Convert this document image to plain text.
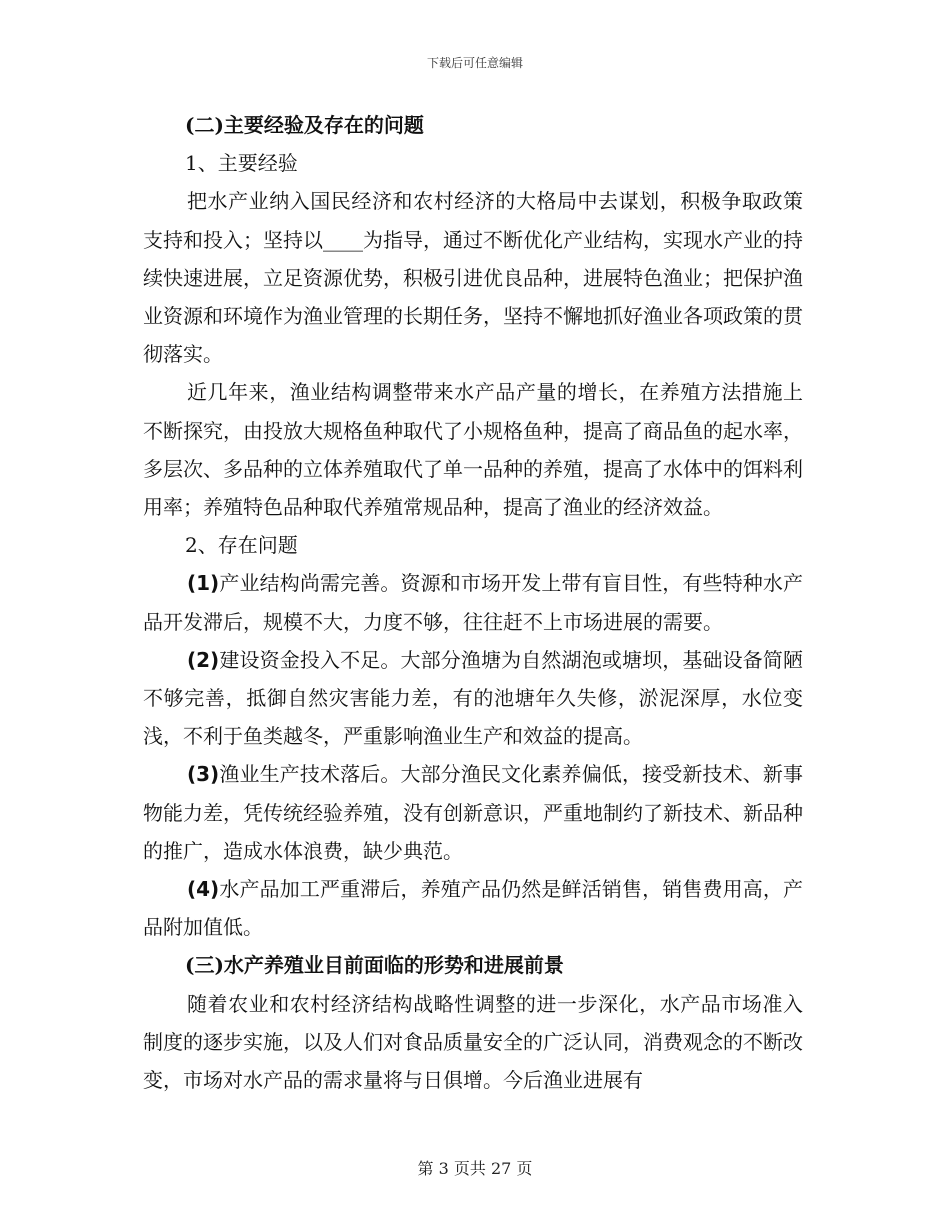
下载后可任意编辑

(二)主要经验及存在的问题

1、主要经验

把水产业纳入国民经济和农村经济的大格局中去谋划，积极争取政策支持和投入；坚持以____为指导，通过不断优化产业结构，实现水产业的持续快速进展，立足资源优势，积极引进优良品种，进展特色渔业；把保护渔业资源和环境作为渔业管理的长期任务，坚持不懈地抓好渔业各项政策的贯彻落实。

近几年来，渔业结构调整带来水产品产量的增长，在养殖方法措施上不断探究，由投放大规格鱼种取代了小规格鱼种，提高了商品鱼的起水率，多层次、多品种的立体养殖取代了单一品种的养殖，提高了水体中的饵料利用率；养殖特色品种取代养殖常规品种，提高了渔业的经济效益。

2、存在问题

(1)产业结构尚需完善。资源和市场开发上带有盲目性，有些特种水产品开发滞后，规模不大，力度不够，往往赶不上市场进展的需要。

(2)建设资金投入不足。大部分渔塘为自然湖泡或塘坝，基础设备简陋不够完善，抵御自然灾害能力差，有的池塘年久失修，淤泥深厚，水位变浅，不利于鱼类越冬，严重影响渔业生产和效益的提高。

(3)渔业生产技术落后。大部分渔民文化素养偏低，接受新技术、新事物能力差，凭传统经验养殖，没有创新意识，严重地制约了新技术、新品种的推广，造成水体浪费，缺少典范。

(4)水产品加工严重滞后，养殖产品仍然是鲜活销售，销售费用高，产品附加值低。

(三)水产养殖业目前面临的形势和进展前景

随着农业和农村经济结构战略性调整的进一步深化，水产品市场准入制度的逐步实施，以及人们对食品质量安全的广泛认同，消费观念的不断改变，市场对水产品的需求量将与日俱增。今后渔业进展有

第 3 页共 27 页
